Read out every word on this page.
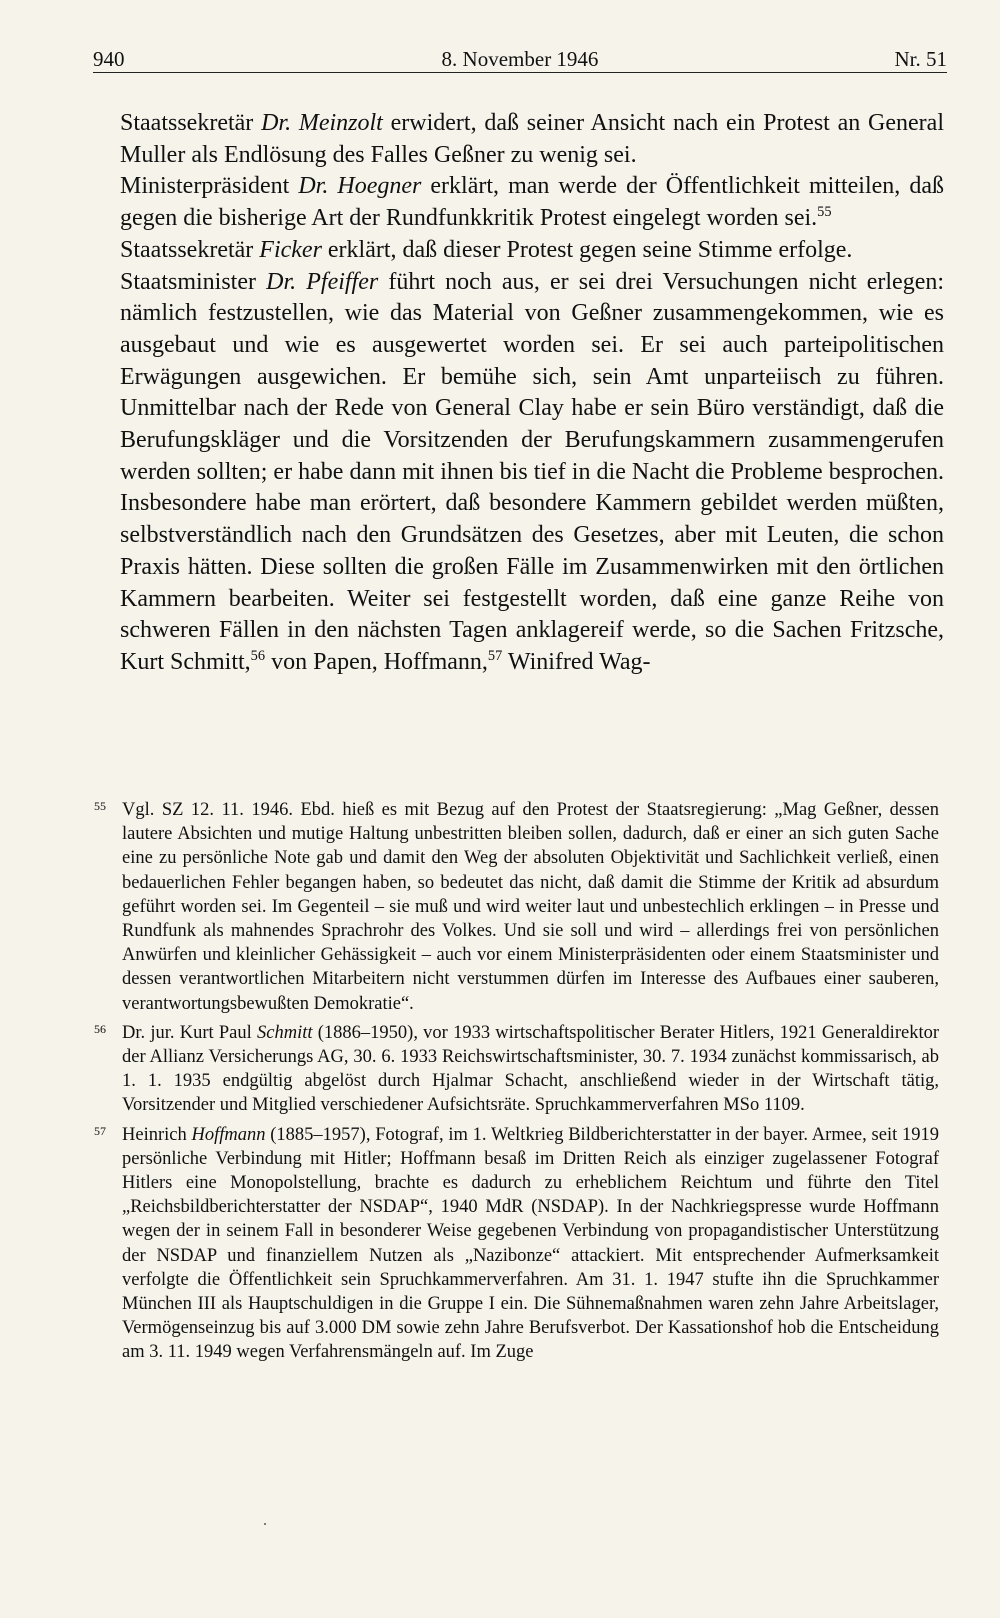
940	8. November 1946	Nr. 51

Staatssekretär Dr. Meinzolt erwidert, daß seiner Ansicht nach ein Protest an General Muller als Endlösung des Falles Geßner zu wenig sei.

Ministerpräsident Dr. Hoegner erklärt, man werde der Öffentlichkeit mitteilen, daß gegen die bisherige Art der Rundfunkkritik Protest eingelegt worden sei.$^{55}$

Staatssekretär Ficker erklärt, daß dieser Protest gegen seine Stimme erfolge.

Staatsminister Dr. Pfeiffer führt noch aus, er sei drei Versuchungen nicht erlegen: nämlich festzustellen, wie das Material von Geßner zusammengekommen, wie es ausgebaut und wie es ausgewertet worden sei. Er sei auch parteipolitischen Erwägungen ausgewichen. Er bemühe sich, sein Amt unparteiisch zu führen. Unmittelbar nach der Rede von General Clay habe er sein Büro verständigt, daß die Berufungskläger und die Vorsitzenden der Berufungskammern zusammengerufen werden sollten; er habe dann mit ihnen bis tief in die Nacht die Probleme besprochen. Insbesondere habe man erörtert, daß besondere Kammern gebildet werden müßten, selbstverständlich nach den Grundsätzen des Gesetzes, aber mit Leuten, die schon Praxis hätten. Diese sollten die großen Fälle im Zusammenwirken mit den örtlichen Kammern bearbeiten. Weiter sei festgestellt worden, daß eine ganze Reihe von schweren Fällen in den nächsten Tagen anklagereif werde, so die Sachen Fritzsche, Kurt Schmitt,$^{56}$ von Papen, Hoffmann,$^{57}$ Winifred Wag-

55 Vgl. SZ 12. 11. 1946. Ebd. hieß es mit Bezug auf den Protest der Staatsregierung: „Mag Geßner, dessen lautere Absichten und mutige Haltung unbestritten bleiben sollen, dadurch, daß er einer an sich guten Sache eine zu persönliche Note gab und damit den Weg der absoluten Objektivität und Sachlichkeit verließ, einen bedauerlichen Fehler begangen haben, so bedeutet das nicht, daß damit die Stimme der Kritik ad absurdum geführt worden sei. Im Gegenteil – sie muß und wird weiter laut und unbestechlich erklingen – in Presse und Rundfunk als mahnendes Sprachrohr des Volkes. Und sie soll und wird – allerdings frei von persönlichen Anwürfen und kleinlicher Gehässigkeit – auch vor einem Ministerpräsidenten oder einem Staatsminister und dessen verantwortlichen Mitarbeitern nicht verstummen dürfen im Interesse des Aufbaues einer sauberen, verantwortungsbewußten Demokratie“.
56 Dr. jur. Kurt Paul Schmitt (1886–1950), vor 1933 wirtschaftspolitischer Berater Hitlers, 1921 Generaldirektor der Allianz Versicherungs AG, 30. 6. 1933 Reichswirtschaftsminister, 30. 7. 1934 zunächst kommissarisch, ab 1. 1. 1935 endgültig abgelöst durch Hjalmar Schacht, anschließend wieder in der Wirtschaft tätig, Vorsitzender und Mitglied verschiedener Aufsichtsräte. Spruchkammerverfahren MSo 1109.
57 Heinrich Hoffmann (1885–1957), Fotograf, im 1. Weltkrieg Bildberichterstatter in der bayer. Armee, seit 1919 persönliche Verbindung mit Hitler; Hoffmann besaß im Dritten Reich als einziger zugelassener Fotograf Hitlers eine Monopolstellung, brachte es dadurch zu erheblichem Reichtum und führte den Titel „Reichsbildberichterstatter der NSDAP“, 1940 MdR (NSDAP). In der Nachkriegspresse wurde Hoffmann wegen der in seinem Fall in besonderer Weise gegebenen Verbindung von propagandistischer Unterstützung der NSDAP und finanziellem Nutzen als „Nazibonze“ attackiert. Mit entsprechender Aufmerksamkeit verfolgte die Öffentlichkeit sein Spruchkammerverfahren. Am 31. 1. 1947 stufte ihn die Spruchkammer München III als Hauptschuldigen in die Gruppe I ein. Die Sühnemaßnahmen waren zehn Jahre Arbeitslager, Vermögenseinzug bis auf 3.000 DM sowie zehn Jahre Berufsverbot. Der Kassationshof hob die Entscheidung am 3. 11. 1949 wegen Verfahrensmängeln auf. Im Zuge
